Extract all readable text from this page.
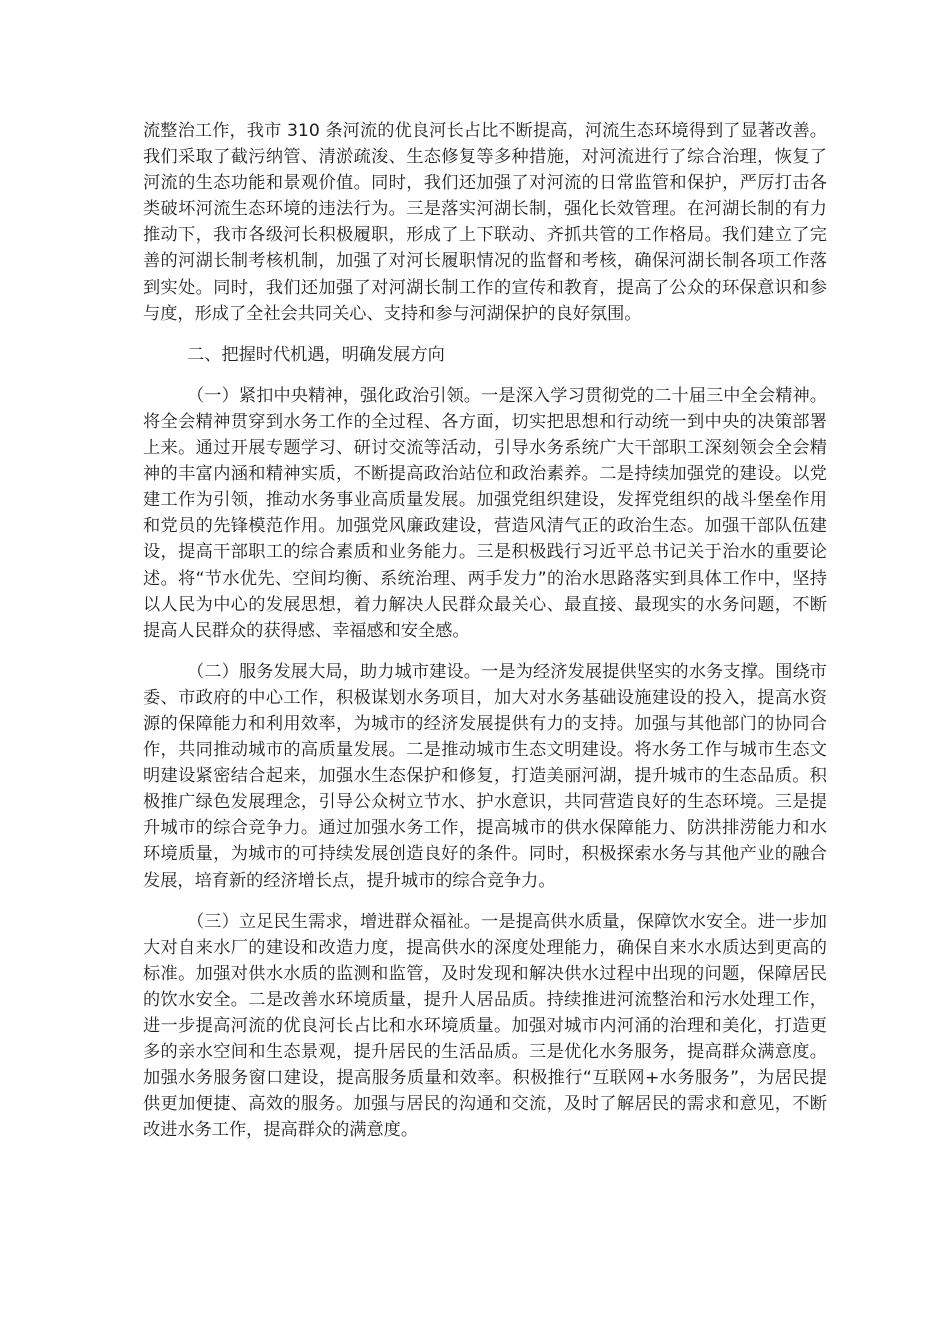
流整治工作，我市 310 条河流的优良河长占比不断提高，河流生态环境得到了显著改善。我们采取了截污纳管、清淤疏浚、生态修复等多种措施，对河流进行了综合治理，恢复了河流的生态功能和景观价值。同时，我们还加强了对河流的日常监管和保护，严厉打击各类破坏河流生态环境的违法行为。三是落实河湖长制，强化长效管理。在河湖长制的有力推动下，我市各级河长积极履职，形成了上下联动、齐抓共管的工作格局。我们建立了完善的河湖长制考核机制，加强了对河长履职情况的监督和考核，确保河湖长制各项工作落到实处。同时，我们还加强了对河湖长制工作的宣传和教育，提高了公众的环保意识和参与度，形成了全社会共同关心、支持和参与河湖保护的良好氛围。

二、把握时代机遇，明确发展方向

（一）紧扣中央精神，强化政治引领。一是深入学习贯彻党的二十届三中全会精神。将全会精神贯穿到水务工作的全过程、各方面，切实把思想和行动统一到中央的决策部署上来。通过开展专题学习、研讨交流等活动，引导水务系统广大干部职工深刻领会全会精神的丰富内涵和精神实质，不断提高政治站位和政治素养。二是持续加强党的建设。以党建工作为引领，推动水务事业高质量发展。加强党组织建设，发挥党组织的战斗堡垒作用和党员的先锋模范作用。加强党风廉政建设，营造风清气正的政治生态。加强干部队伍建设，提高干部职工的综合素质和业务能力。三是积极践行习近平总书记关于治水的重要论述。将“节水优先、空间均衡、系统治理、两手发力”的治水思路落实到具体工作中，坚持以人民为中心的发展思想，着力解决人民群众最关心、最直接、最现实的水务问题，不断提高人民群众的获得感、幸福感和安全感。

（二）服务发展大局，助力城市建设。一是为经济发展提供坚实的水务支撑。围绕市委、市政府的中心工作，积极谋划水务项目，加大对水务基础设施建设的投入，提高水资源的保障能力和利用效率，为城市的经济发展提供有力的支持。加强与其他部门的协同合作，共同推动城市的高质量发展。二是推动城市生态文明建设。将水务工作与城市生态文明建设紧密结合起来，加强水生态保护和修复，打造美丽河湖，提升城市的生态品质。积极推广绿色发展理念，引导公众树立节水、护水意识，共同营造良好的生态环境。三是提升城市的综合竞争力。通过加强水务工作，提高城市的供水保障能力、防洪排涝能力和水环境质量，为城市的可持续发展创造良好的条件。同时，积极探索水务与其他产业的融合发展，培育新的经济增长点，提升城市的综合竞争力。

（三）立足民生需求，增进群众福祉。一是提高供水质量，保障饮水安全。进一步加大对自来水厂的建设和改造力度，提高供水的深度处理能力，确保自来水水质达到更高的标准。加强对供水水质的监测和监管，及时发现和解决供水过程中出现的问题，保障居民的饮水安全。二是改善水环境质量，提升人居品质。持续推进河流整治和污水处理工作，进一步提高河流的优良河长占比和水环境质量。加强对城市内河涌的治理和美化，打造更多的亲水空间和生态景观，提升居民的生活品质。三是优化水务服务，提高群众满意度。加强水务服务窗口建设，提高服务质量和效率。积极推行“互联网+水务服务”，为居民提供更加便捷、高效的服务。加强与居民的沟通和交流，及时了解居民的需求和意见，不断改进水务工作，提高群众的满意度。
